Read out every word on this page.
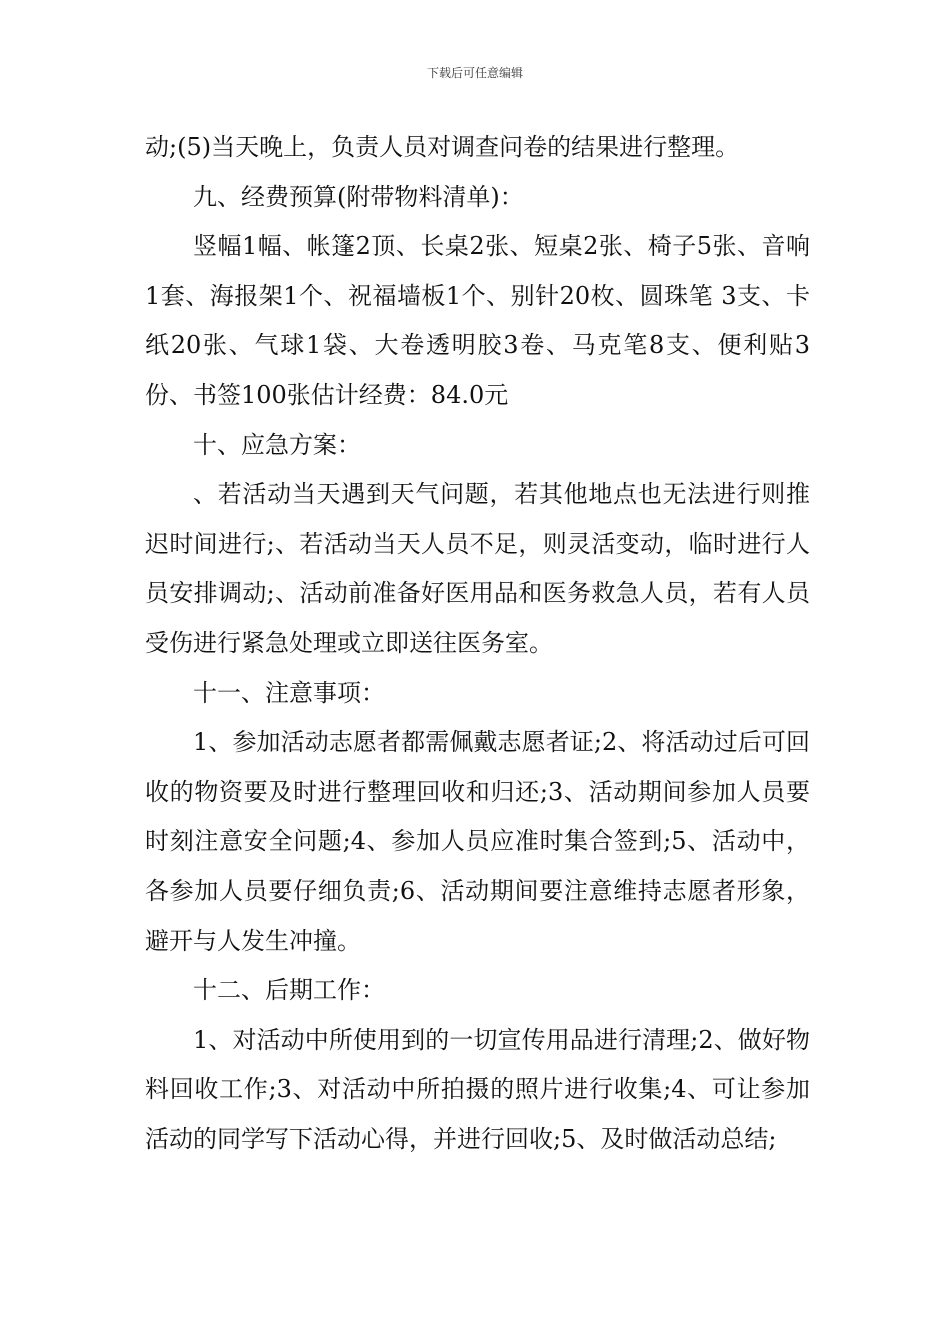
下载后可任意编辑

动;(5)当天晚上，负责人员对调查问卷的结果进行整理。

九、经费预算(附带物料清单)：

竖幅1幅、帐篷2顶、长桌2张、短桌2张、椅子5张、音响1套、海报架1个、祝福墙板1个、别针20枚、圆珠笔 3支、卡纸20张、气球1袋、大卷透明胶3卷、马克笔8支、便利贴3份、书签100张估计经费：84.0元

十、应急方案：

、若活动当天遇到天气问题，若其他地点也无法进行则推迟时间进行;、若活动当天人员不足，则灵活变动，临时进行人员安排调动;、活动前准备好医用品和医务救急人员，若有人员受伤进行紧急处理或立即送往医务室。

十一、注意事项：

1、参加活动志愿者都需佩戴志愿者证;2、将活动过后可回收的物资要及时进行整理回收和归还;3、活动期间参加人员要时刻注意安全问题;4、参加人员应准时集合签到;5、活动中，各参加人员要仔细负责;6、活动期间要注意维持志愿者形象，避开与人发生冲撞。

十二、后期工作：

1、对活动中所使用到的一切宣传用品进行清理;2、做好物料回收工作;3、对活动中所拍摄的照片进行收集;4、可让参加活动的同学写下活动心得，并进行回收;5、及时做活动总结;
